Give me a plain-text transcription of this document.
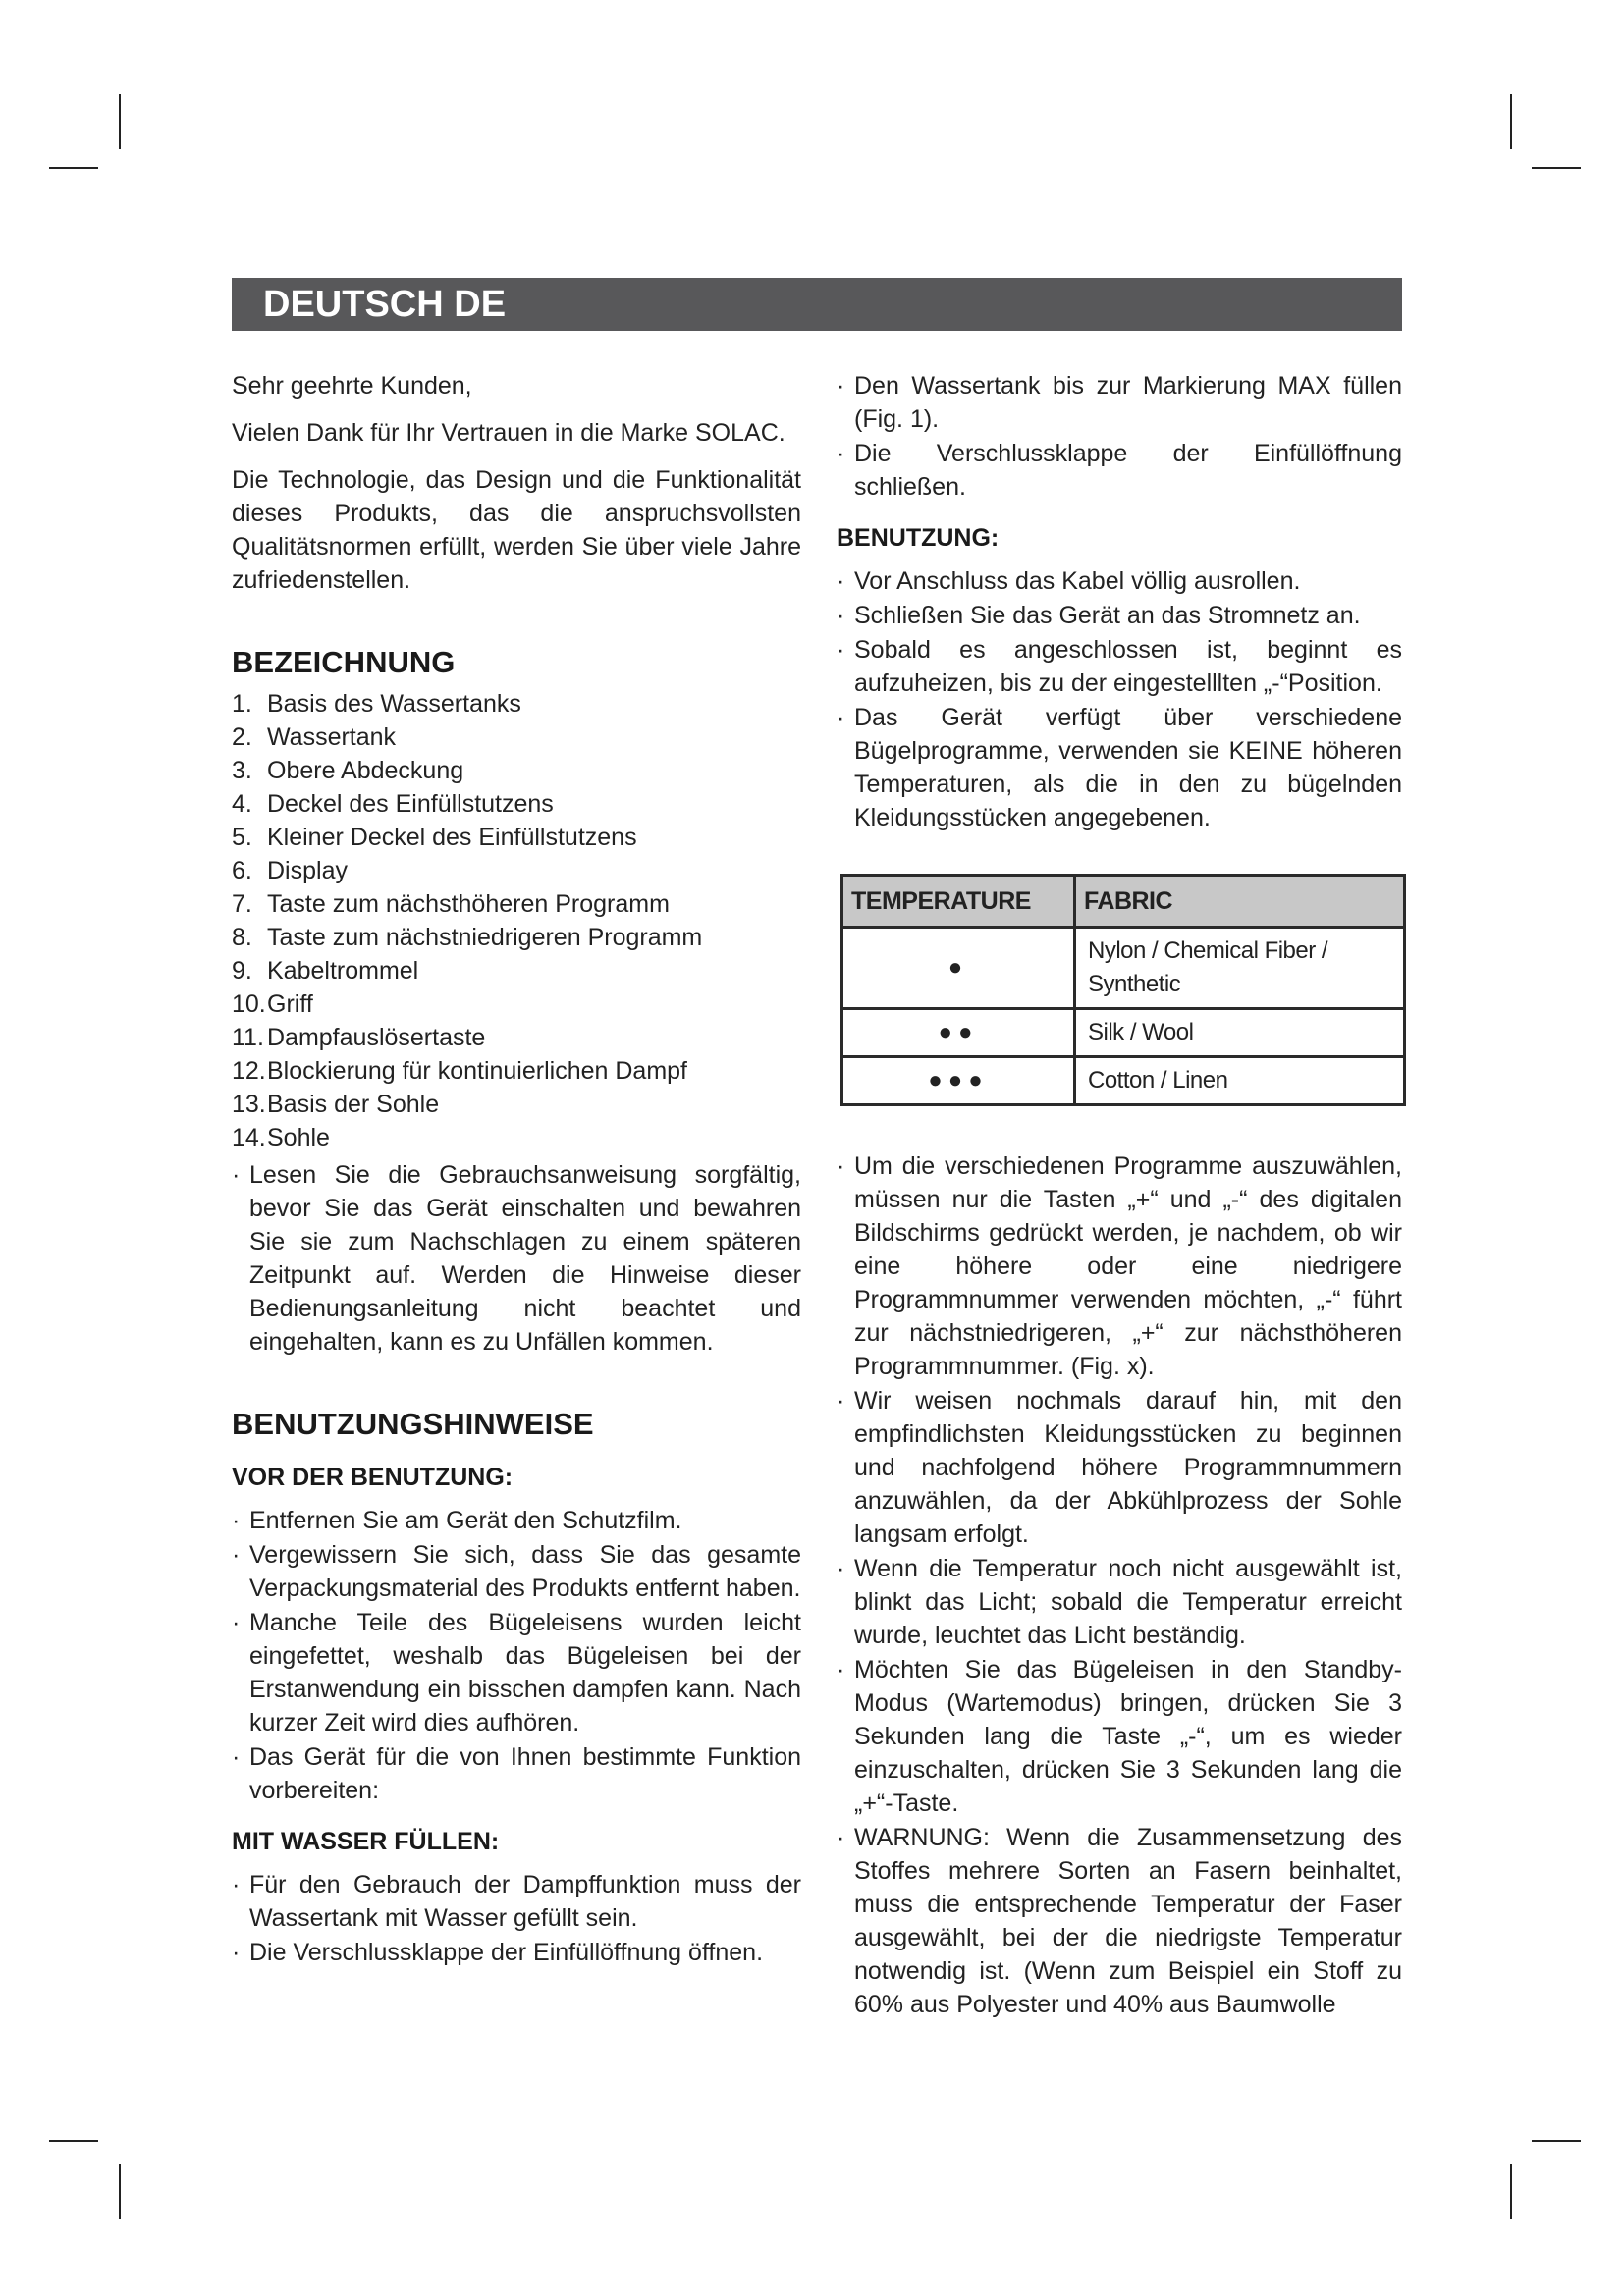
DEUTSCH DE

Sehr geehrte Kunden,

Vielen Dank für Ihr Vertrauen in die Marke SOLAC.

Die Technologie, das Design und die Funktionalität dieses Produkts, das die anspruchsvollsten Qualitätsnormen erfüllt, werden Sie über viele Jahre zufriedenstellen.

BEZEICHNUNG
1. Basis des Wassertanks
2. Wassertank
3. Obere Abdeckung
4. Deckel des Einfüllstutzens
5. Kleiner Deckel des Einfüllstutzens
6. Display
7. Taste zum nächsthöheren Programm
8. Taste zum nächstniedrigeren Programm
9. Kabeltrommel
10.Griff
11. Dampfauslösertaste
12.Blockierung für kontinuierlichen Dampf
13.Basis der Sohle
14.Sohle
· Lesen Sie die Gebrauchsanweisung sorgfältig, bevor Sie das Gerät einschalten und bewahren Sie sie zum Nachschlagen zu einem späteren Zeitpunkt auf. Werden die Hinweise dieser Bedienungsanleitung nicht beachtet und eingehalten, kann es zu Unfällen kommen.
BENUTZUNGSHINWEISE
VOR DER BENUTZUNG:
· Entfernen Sie am Gerät den Schutzfilm.
· Vergewissern Sie sich, dass Sie das gesamte Verpackungsmaterial des Produkts entfernt haben.
· Manche Teile des Bügeleisens wurden leicht eingefettet, weshalb das Bügeleisen bei der Erstanwendung ein bisschen dampfen kann. Nach kurzer Zeit wird dies aufhören.
· Das Gerät für die von Ihnen bestimmte Funktion vorbereiten:
MIT WASSER FÜLLEN:
· Für den Gebrauch der Dampffunktion muss der Wassertank mit Wasser gefüllt sein.
· Die Verschlussklappe der Einfüllöffnung öffnen.
· Den Wassertank bis zur Markierung MAX füllen (Fig. 1).
· Die Verschlussklappe der Einfüllöffnung schließen.
BENUTZUNG:
· Vor Anschluss das Kabel völlig ausrollen.
· Schließen Sie das Gerät an das Stromnetz an.
· Sobald es angeschlossen ist, beginnt es aufzuheizen, bis zu der eingestelllten „-“Position.
· Das Gerät verfügt über verschiedene Bügelprogramme, verwenden sie KEINE höheren Temperaturen, als die in den zu bügelnden Kleidungsstücken angegebenen.
TEMPERATURE	FABRIC
●	Nylon / Chemical Fiber / Synthetic
●●	Silk / Wool
●●●	Cotton / Linen
· Um die verschiedenen Programme auszuwählen, müssen nur die Tasten „+“ und „-“ des digitalen Bildschirms gedrückt werden, je nachdem, ob wir eine höhere oder eine niedrigere Programmnummer verwenden möchten, „-“ führt zur nächstniedrigeren, „+“ zur nächsthöheren Programmnummer. (Fig. x).
· Wir weisen nochmals darauf hin, mit den empfindlichsten Kleidungsstücken zu beginnen und nachfolgend höhere Programmnummern anzuwählen, da der Abkühlprozess der Sohle langsam erfolgt.
· Wenn die Temperatur noch nicht ausgewählt ist, blinkt das Licht; sobald die Temperatur erreicht wurde, leuchtet das Licht beständig.
· Möchten Sie das Bügeleisen in den Standby-Modus (Wartemodus) bringen, drücken Sie 3 Sekunden lang die Taste „-“, um es wieder einzuschalten, drücken Sie 3 Sekunden lang die „+“-Taste.
· WARNUNG: Wenn die Zusammensetzung des Stoffes mehrere Sorten an Fasern beinhaltet, muss die entsprechende Temperatur der Faser ausgewählt, bei der die niedrigste Temperatur notwendig ist. (Wenn zum Beispiel ein Stoff zu 60% aus Polyester und 40% aus Baumwolle
